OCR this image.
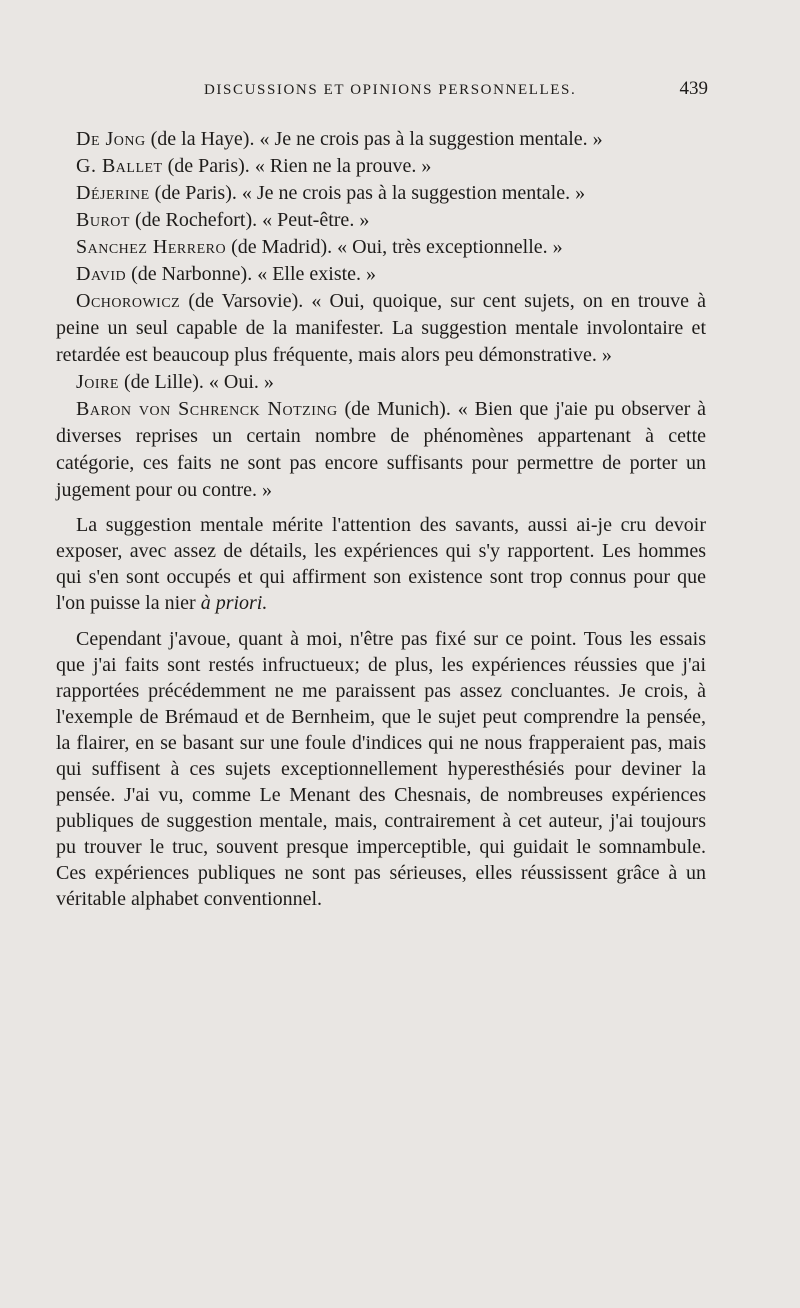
DISCUSSIONS ET OPINIONS PERSONNELLES.	439

De Jong (de la Haye). « Je ne crois pas à la suggestion mentale. »

G. Ballet (de Paris). « Rien ne la prouve. »

Déjerine (de Paris). « Je ne crois pas à la suggestion mentale. »

Burot (de Rochefort). « Peut-être. »

Sanchez Herrero (de Madrid). « Oui, très exceptionnelle. »

David (de Narbonne). « Elle existe. »

Ochorowicz (de Varsovie). « Oui, quoique, sur cent sujets, on en trouve à peine un seul capable de la manifester. La suggestion mentale involontaire et retardée est beaucoup plus fréquente, mais alors peu démonstrative. »

Joire (de Lille). « Oui. »

Baron von Schrenck Notzing (de Munich). « Bien que j'aie pu observer à diverses reprises un certain nombre de phénomènes appartenant à cette catégorie, ces faits ne sont pas encore suffisants pour permettre de porter un jugement pour ou contre. »

La suggestion mentale mérite l'attention des savants, aussi ai-je cru devoir exposer, avec assez de détails, les expériences qui s'y rapportent. Les hommes qui s'en sont occupés et qui affirment son existence sont trop connus pour que l'on puisse la nier à priori.

Cependant j'avoue, quant à moi, n'être pas fixé sur ce point. Tous les essais que j'ai faits sont restés infructueux; de plus, les expériences réussies que j'ai rapportées précédemment ne me paraissent pas assez concluantes. Je crois, à l'exemple de Brémaud et de Bernheim, que le sujet peut comprendre la pensée, la flairer, en se basant sur une foule d'indices qui ne nous frapperaient pas, mais qui suffisent à ces sujets exceptionnellement hyperesthésiés pour deviner la pensée. J'ai vu, comme Le Menant des Chesnais, de nombreuses expériences publiques de suggestion mentale, mais, contrairement à cet auteur, j'ai toujours pu trouver le truc, souvent presque imperceptible, qui guidait le somnambule. Ces expériences publiques ne sont pas sérieuses, elles réussissent grâce à un véritable alphabet conventionnel.
